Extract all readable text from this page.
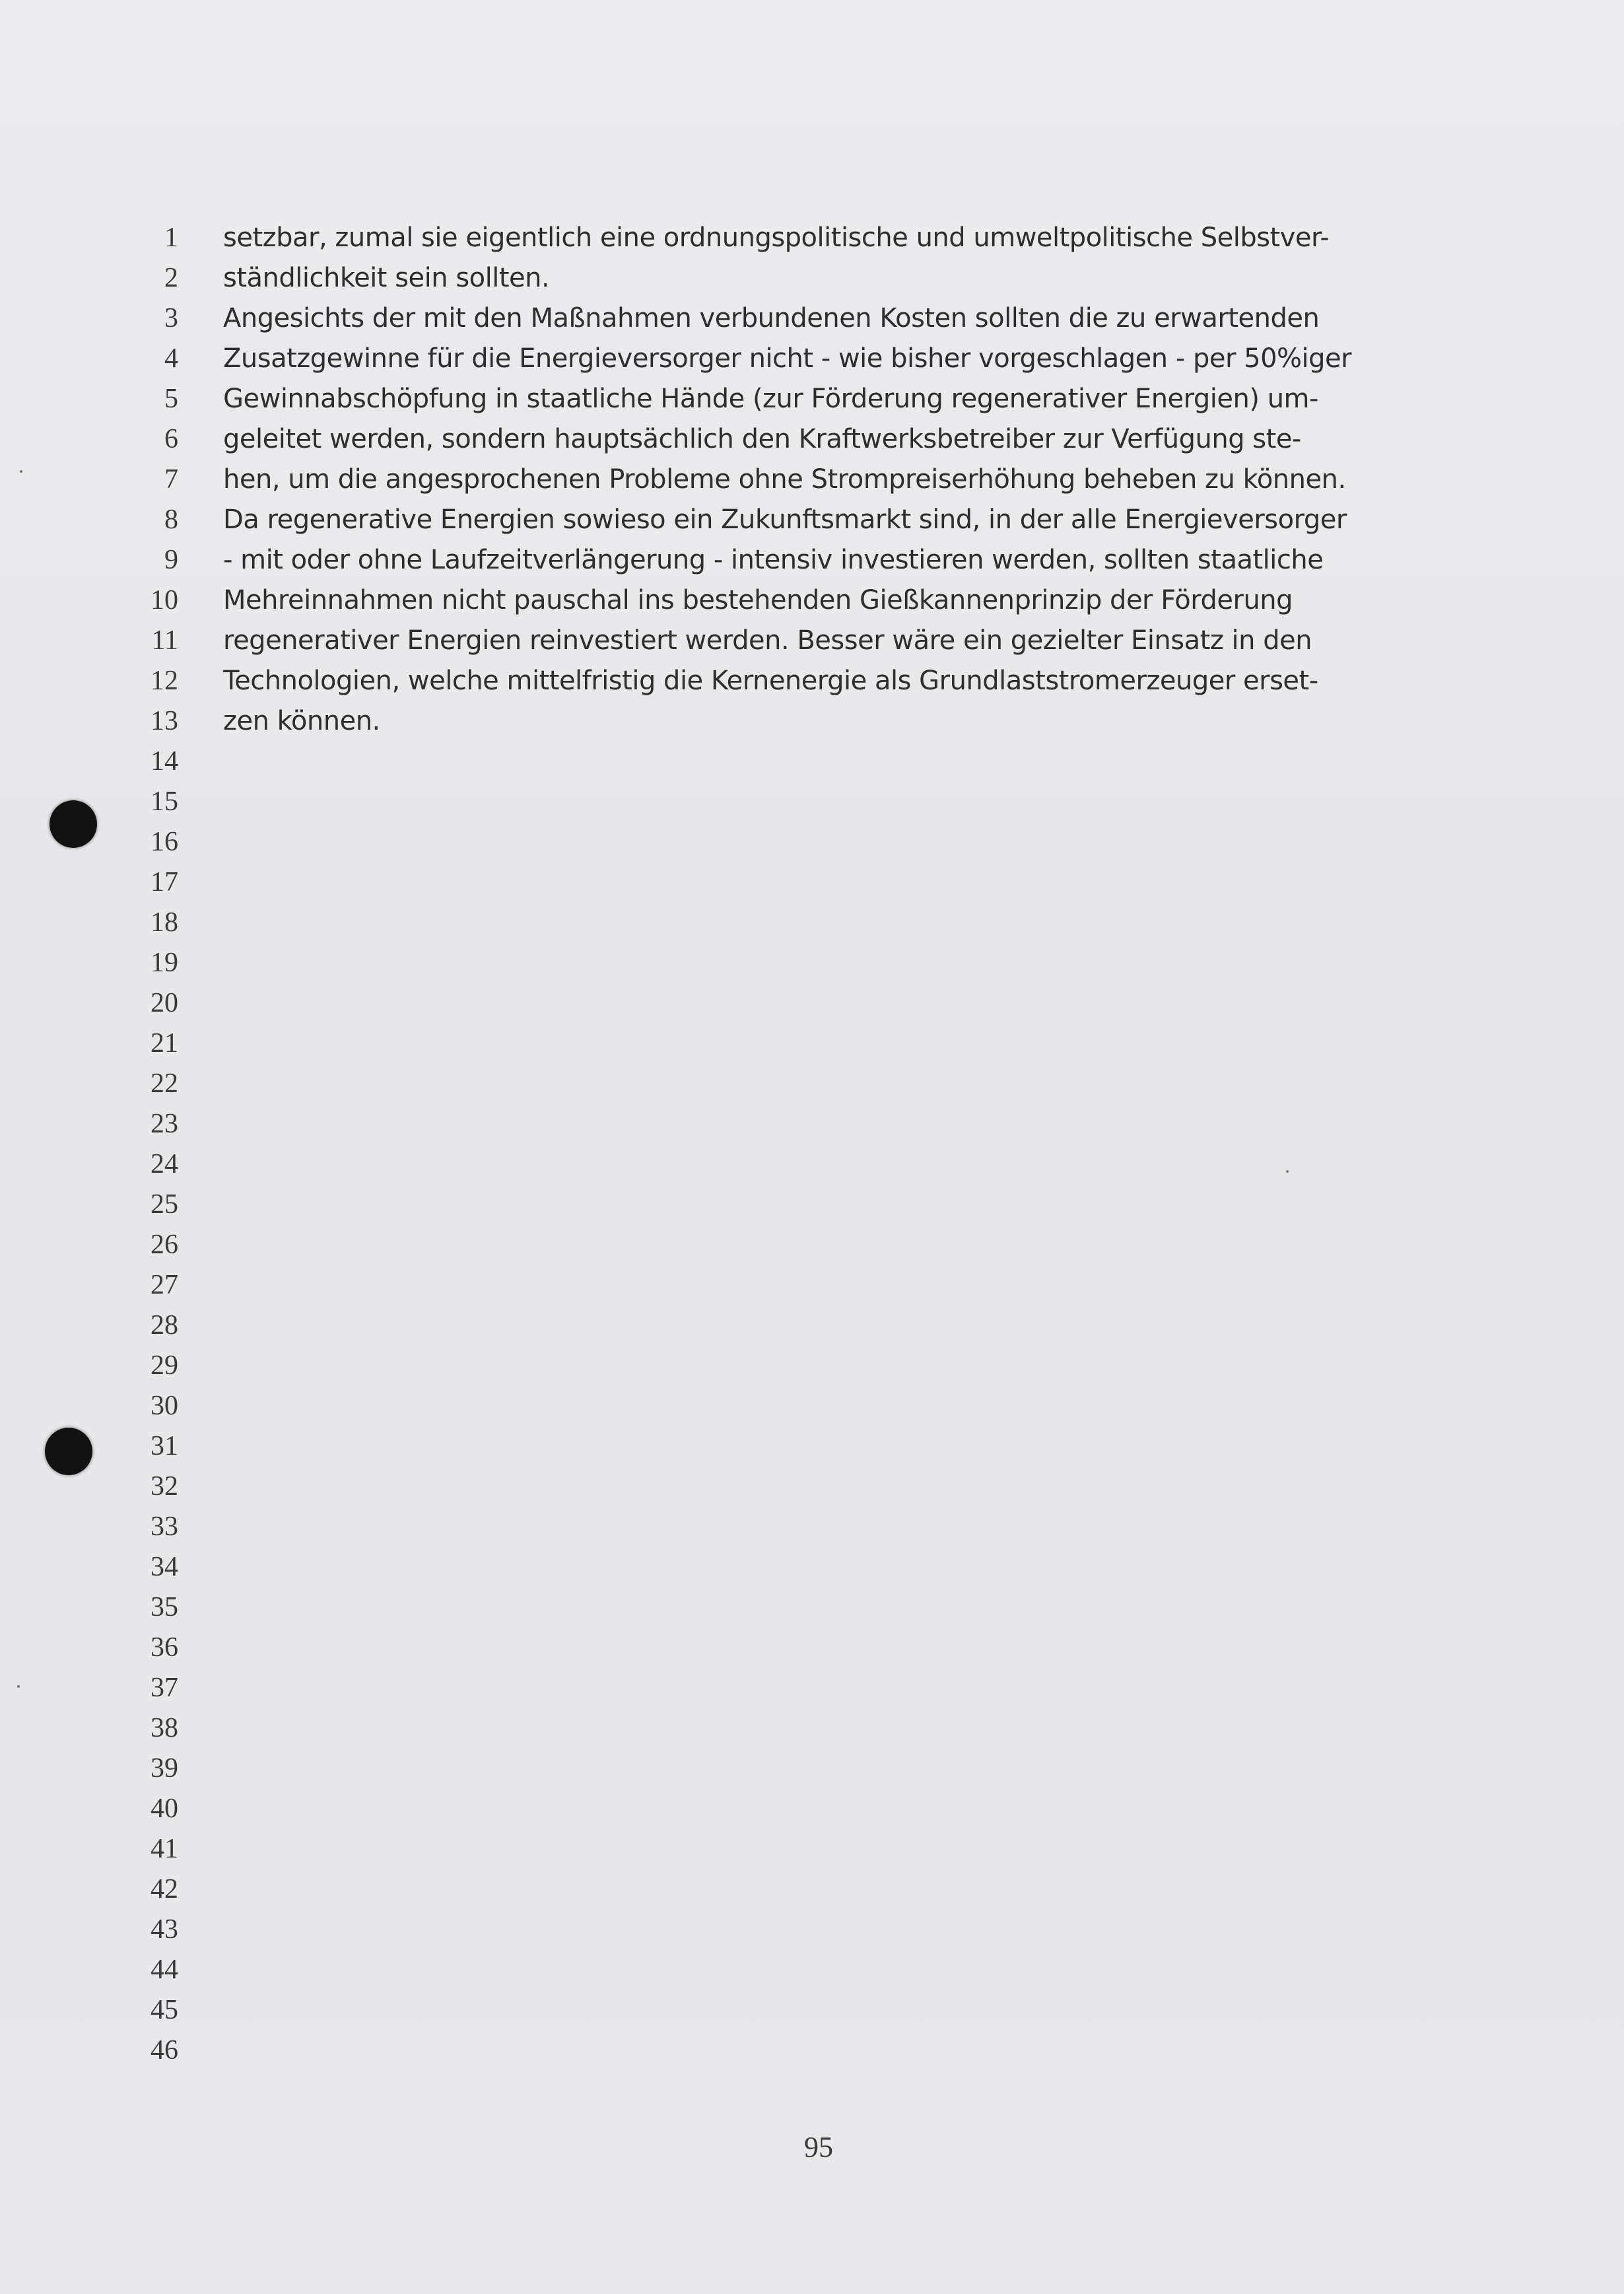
1
2
3
4
5
6
7
8
9
10
11
12
13
14
15
16
17
18
19
20
21
22
23
24
25
26
27
28
29
30
31
32
33
34
35
36
37
38
39
40
41
42
43
44
45
46
setzbar, zumal sie eigentlich eine ordnungspolitische und umweltpolitische Selbstver-
ständlichkeit sein sollten.
Angesichts der mit den Maßnahmen verbundenen Kosten sollten die zu erwartenden
Zusatzgewinne für die Energieversorger nicht - wie bisher vorgeschlagen - per 50%iger
Gewinnabschöpfung in staatliche Hände (zur Förderung regenerativer Energien) um-
geleitet werden, sondern hauptsächlich den Kraftwerksbetreiber zur Verfügung ste-
hen, um die angesprochenen Probleme ohne Strompreiserhöhung beheben zu können.
Da regenerative Energien sowieso ein Zukunftsmarkt sind, in der alle Energieversorger
- mit oder ohne Laufzeitverlängerung - intensiv investieren werden, sollten staatliche
Mehreinnahmen nicht pauschal ins bestehenden Gießkannenprinzip der Förderung
regenerativer Energien reinvestiert werden. Besser wäre ein gezielter Einsatz in den
Technologien, welche mittelfristig die Kernenergie als Grundlaststromerzeuger erset-
zen können.
95
